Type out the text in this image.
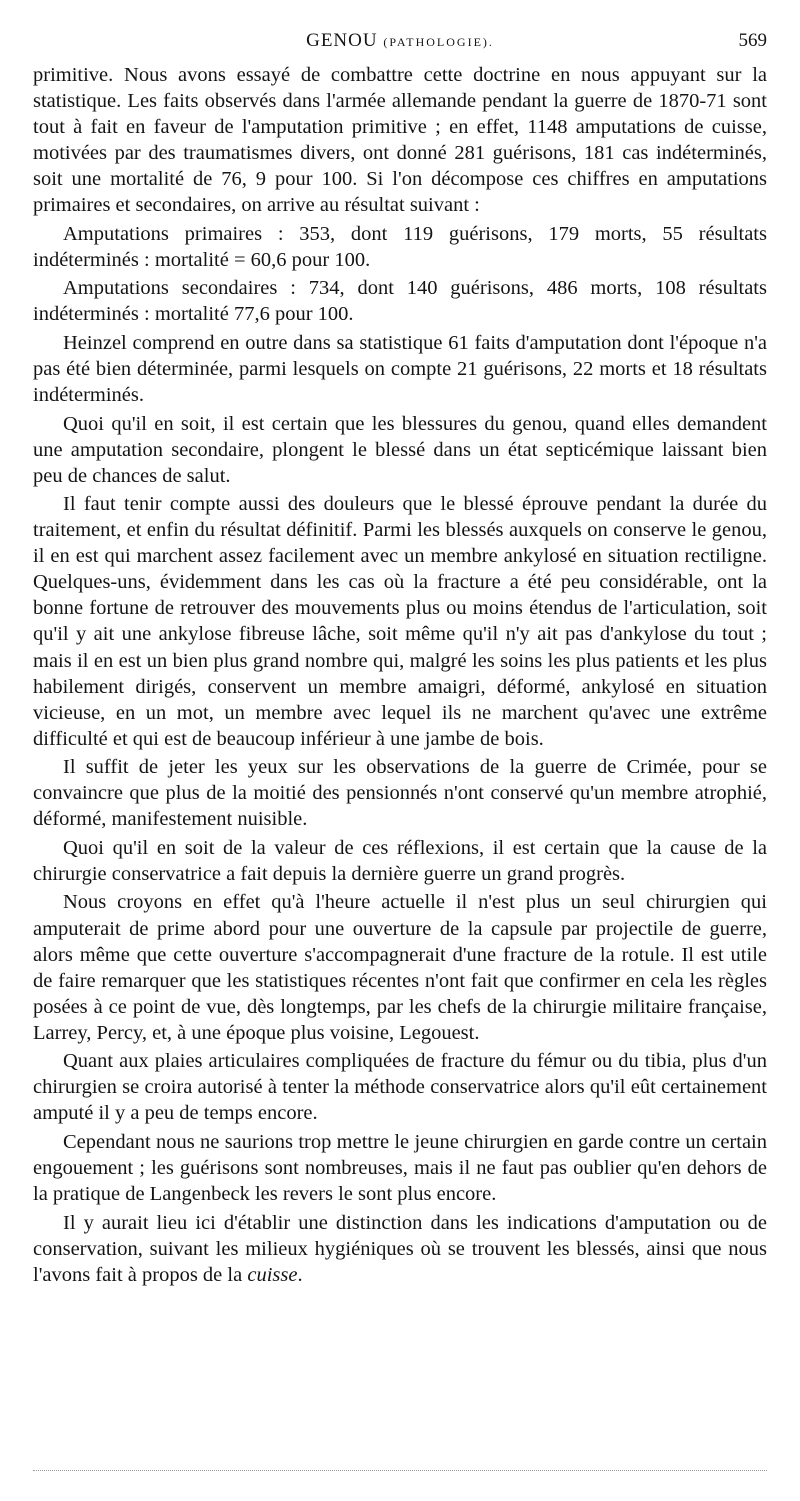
GENOU (PATHOLOGIE).	569

primitive. Nous avons essayé de combattre cette doctrine en nous appuyant sur la statistique. Les faits observés dans l'armée allemande pendant la guerre de 1870-71 sont tout à fait en faveur de l'amputation primitive ; en effet, 1148 amputations de cuisse, motivées par des traumatismes divers, ont donné 281 guérisons, 181 cas indéterminés, soit une mortalité de 76, 9 pour 100. Si l'on décompose ces chiffres en amputations primaires et secondaires, on arrive au résultat suivant :

Amputations primaires : 353, dont 119 guérisons, 179 morts, 55 résultats indéterminés : mortalité = 60,6 pour 100.

Amputations secondaires : 734, dont 140 guérisons, 486 morts, 108 résultats indéterminés : mortalité 77,6 pour 100.

Heinzel comprend en outre dans sa statistique 61 faits d'amputation dont l'époque n'a pas été bien déterminée, parmi lesquels on compte 21 guérisons, 22 morts et 18 résultats indéterminés.

Quoi qu'il en soit, il est certain que les blessures du genou, quand elles demandent une amputation secondaire, plongent le blessé dans un état septicémique laissant bien peu de chances de salut.

Il faut tenir compte aussi des douleurs que le blessé éprouve pendant la durée du traitement, et enfin du résultat définitif. Parmi les blessés auxquels on conserve le genou, il en est qui marchent assez facilement avec un membre ankylosé en situation rectiligne. Quelques-uns, évidemment dans les cas où la fracture a été peu considérable, ont la bonne fortune de retrouver des mouvements plus ou moins étendus de l'articulation, soit qu'il y ait une ankylose fibreuse lâche, soit même qu'il n'y ait pas d'ankylose du tout ; mais il en est un bien plus grand nombre qui, malgré les soins les plus patients et les plus habilement dirigés, conservent un membre amaigri, déformé, ankylosé en situation vicieuse, en un mot, un membre avec lequel ils ne marchent qu'avec une extrême difficulté et qui est de beaucoup inférieur à une jambe de bois.

Il suffit de jeter les yeux sur les observations de la guerre de Crimée, pour se convaincre que plus de la moitié des pensionnés n'ont conservé qu'un membre atrophié, déformé, manifestement nuisible.

Quoi qu'il en soit de la valeur de ces réflexions, il est certain que la cause de la chirurgie conservatrice a fait depuis la dernière guerre un grand progrès.

Nous croyons en effet qu'à l'heure actuelle il n'est plus un seul chirurgien qui amputerait de prime abord pour une ouverture de la capsule par projectile de guerre, alors même que cette ouverture s'accompagnerait d'une fracture de la rotule. Il est utile de faire remarquer que les statistiques récentes n'ont fait que confirmer en cela les règles posées à ce point de vue, dès longtemps, par les chefs de la chirurgie militaire française, Larrey, Percy, et, à une époque plus voisine, Legouest.

Quant aux plaies articulaires compliquées de fracture du fémur ou du tibia, plus d'un chirurgien se croira autorisé à tenter la méthode conservatrice alors qu'il eût certainement amputé il y a peu de temps encore.

Cependant nous ne saurions trop mettre le jeune chirurgien en garde contre un certain engouement ; les guérisons sont nombreuses, mais il ne faut pas oublier qu'en dehors de la pratique de Langenbeck les revers le sont plus encore.

Il y aurait lieu ici d'établir une distinction dans les indications d'amputation ou de conservation, suivant les milieux hygiéniques où se trouvent les blessés, ainsi que nous l'avons fait à propos de la cuisse.
